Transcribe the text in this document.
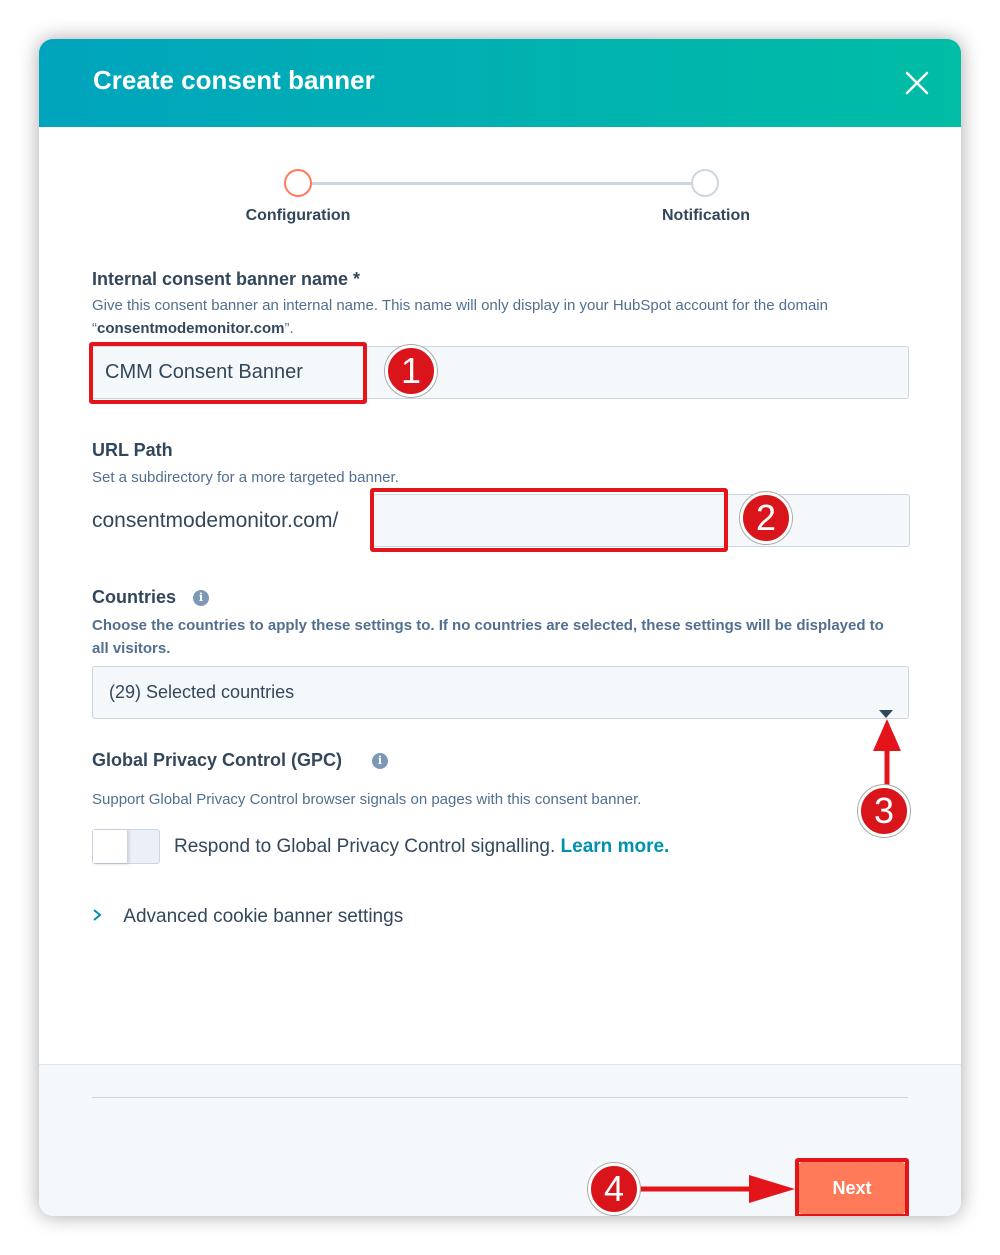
Create consent banner
Configuration	Notification
Internal consent banner name *
Give this consent banner an internal name. This name will only display in your HubSpot account for the domain “consentmodemonitor.com”.
CMM Consent Banner
1
URL Path
Set a subdirectory for a more targeted banner.
consentmodemonitor.com/	2
Countries	i
Choose the countries to apply these settings to. If no countries are selected, these settings will be displayed to all visitors.
(29) Selected countries
3
Global Privacy Control (GPC)	i
Support Global Privacy Control browser signals on pages with this consent banner.
Respond to Global Privacy Control signalling. Learn more.
Advanced cookie banner settings
Next
4
